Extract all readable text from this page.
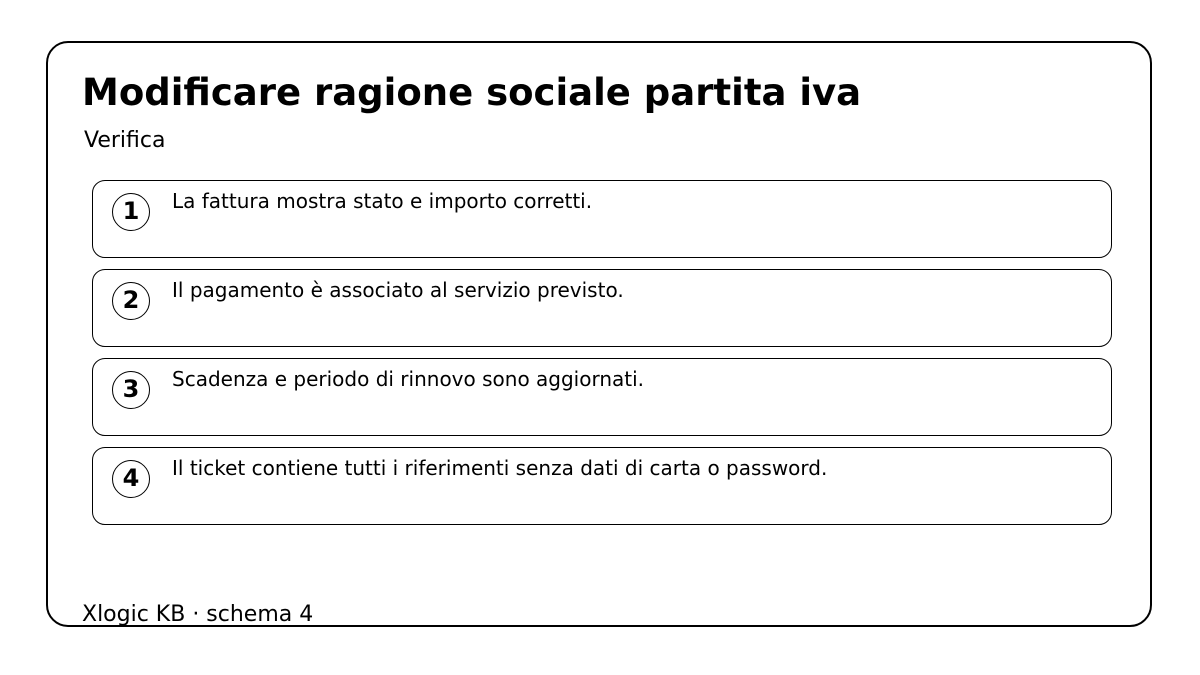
Modificare ragione sociale partita iva
Verifica
1	La fattura mostra stato e importo corretti.
2	Il pagamento è associato al servizio previsto.
3	Scadenza e periodo di rinnovo sono aggiornati.
4	Il ticket contiene tutti i riferimenti senza dati di carta o password.
Xlogic KB · schema 4
